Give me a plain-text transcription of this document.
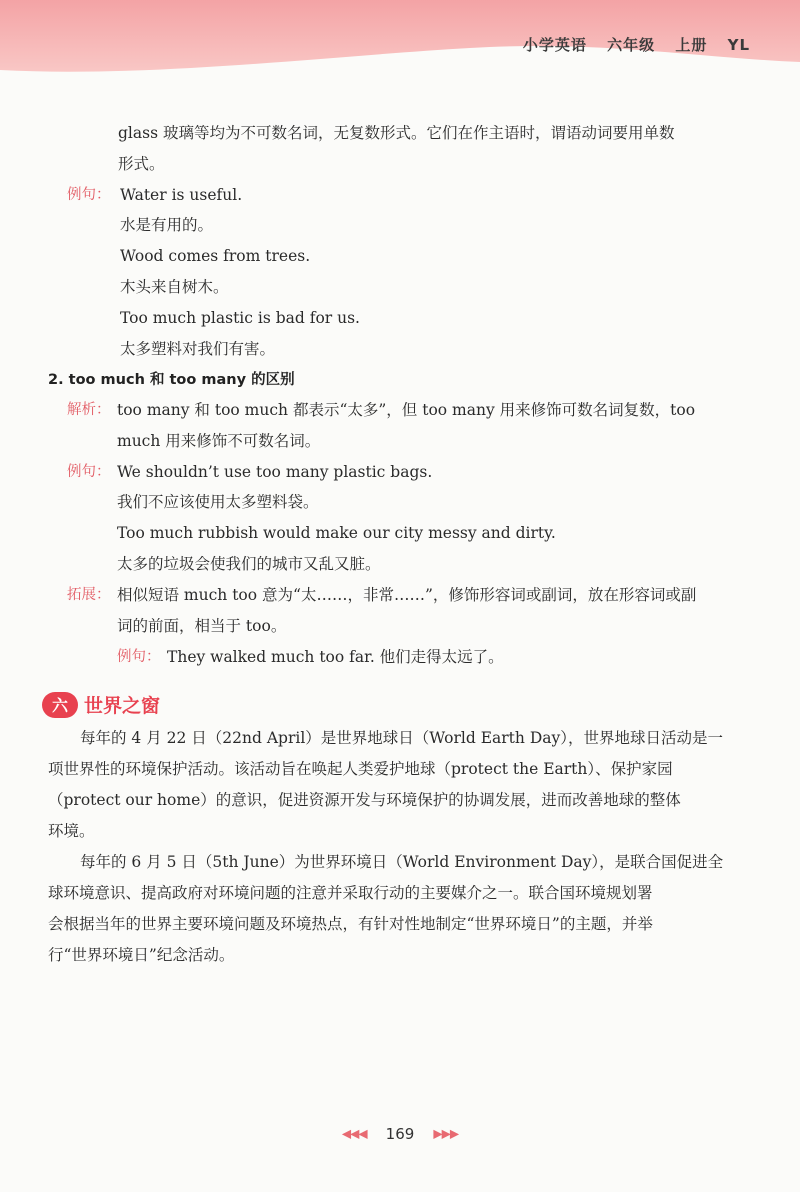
小学英语 六年级 上册 YL
glass 玻璃等均为不可数名词，无复数形式。它们在作主语时，谓语动词要用单数
形式。
例句： Water is useful.
水是有用的。
Wood comes from trees.
木头来自树木。
Too much plastic is bad for us.
太多塑料对我们有害。
2. too much 和 too many 的区别
解析： too many 和 too much 都表示“太多”，但 too many 用来修饰可数名词复数，too
much 用来修饰不可数名词。
例句： We shouldn’t use too many plastic bags.
我们不应该使用太多塑料袋。
Too much rubbish would make our city messy and dirty.
太多的垃圾会使我们的城市又乱又脏。
拓展： 相似短语 much too 意为“太……，非常……”，修饰形容词或副词，放在形容词或副
词的前面，相当于 too。
例句： They walked much too far. 他们走得太远了。
六 世界之窗
每年的 4 月 22 日（22nd April）是世界地球日（World Earth Day），世界地球日活动是一
项世界性的环境保护活动。该活动旨在唤起人类爱护地球（protect the Earth）、保护家园
（protect our home）的意识，促进资源开发与环境保护的协调发展，进而改善地球的整体
环境。
每年的 6 月 5 日（5th June）为世界环境日（World Environment Day），是联合国促进全
球环境意识、提高政府对环境问题的注意并采取行动的主要媒介之一。联合国环境规划署
会根据当年的世界主要环境问题及环境热点，有针对性地制定“世界环境日”的主题，并举
行“世界环境日”纪念活动。
◀◀◀ 169 ▶▶▶
